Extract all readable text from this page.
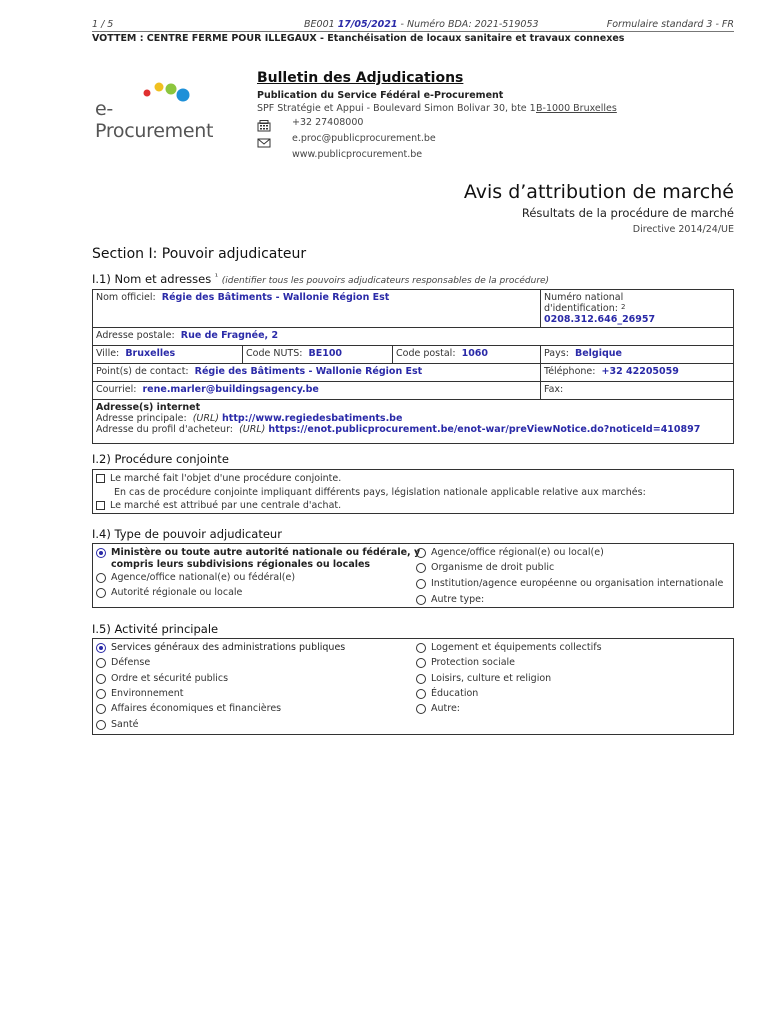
1 / 5	BE001 17/05/2021 - Numéro BDA: 2021-519053	Formulaire standard 3 - FR
VOTTEM : CENTRE FERME POUR ILLEGAUX - Etanchéisation de locaux sanitaire et travaux connexes
e-Procurement
Bulletin des Adjudications
Publication du Service Fédéral e-Procurement
SPF Stratégie et Appui - Boulevard Simon Bolivar 30, bte 1 B-1000 Bruxelles
+32 27408000
e.proc@publicprocurement.be
www.publicprocurement.be
Avis d’attribution de marché
Résultats de la procédure de marché
Directive 2014/24/UE
Section I: Pouvoir adjudicateur
I.1) Nom et adresses $^{^1}$ (identifier tous les pouvoirs adjudicateurs responsables de la procédure)
Nom officiel: Régie des Bâtiments - Wallonie Région Est			Numéro national
d'identification: $^2$  0208.312.646_26957

Adresse postale: Rue de Fragnée, 2			
Ville: Bruxelles	Code NUTS: BE100	Code postal: 1060	Pays: Belgique
Point(s) de contact: Régie des Bâtiments - Wallonie Région Est			Téléphone: +32 42205059
Courriel: rene.marler@buildingsagency.be			Fax:

Adresse(s) internet
Adresse principale: (URL) http://www.regiedesbatiments.be
Adresse du profil d'acheteur: (URL) https://enot.publicprocurement.be/enot-war/preViewNotice.do?noticeId=410897			
I.2) Procédure conjointe
Le marché fait l'objet d'une procédure conjointe.
En cas de procédure conjointe impliquant différents pays, législation nationale applicable relative aux marchés:
Le marché est attribué par une centrale d'achat.
I.4) Type de pouvoir adjudicateur
Ministère ou toute autre autorité nationale ou fédérale, y
compris leurs subdivisions régionales ou locales
Agence/office national(e) ou fédéral(e)
Autorité régionale ou locale
Agence/office régional(e) ou local(e)
Organisme de droit public
Institution/agence européenne ou organisation internationale
Autre type:
I.5) Activité principale
Services généraux des administrations publiques
Défense
Ordre et sécurité publics
Environnement
Affaires économiques et financières
Santé
Logement et équipements collectifs
Protection sociale
Loisirs, culture et religion
Éducation
Autre:
